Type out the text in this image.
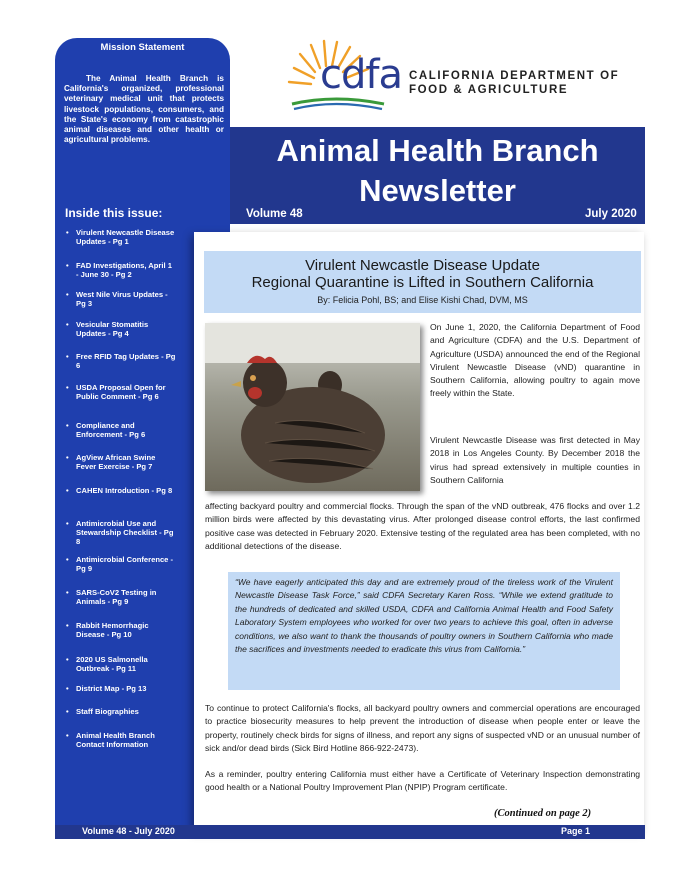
Mission Statement
The Animal Health Branch is California's organized, professional veterinary medical unit that protects livestock populations, consumers, and the State's economy from catastrophic animal diseases and other health or agricultural problems.
Inside this issue:
• Virulent Newcastle Disease Updates - Pg 1
• FAD Investigations, April 1 - June 30 - Pg 2
• West Nile Virus Updates - Pg 3
• Vesicular Stomatitis Updates - Pg 4
• Free RFID Tag Updates - Pg 6
• USDA Proposal Open for Public Comment - Pg 6
• Compliance and Enforcement - Pg 6
• AgView African Swine Fever Exercise - Pg 7
• CAHEN Introduction - Pg 8
• Antimicrobial Use and Stewardship Checklist - Pg 8
• Antimicrobial Conference - Pg 9
• SARS-CoV2 Testing in Animals - Pg 9
• Rabbit Hemorrhagic Disease - Pg 10
• 2020 US Salmonella Outbreak - Pg 11
• District Map - Pg 13
• Staff Biographies
• Animal Health Branch Contact Information
cdfa CALIFORNIA DEPARTMENT OF
FOOD & AGRICULTURE
Animal Health Branch
Newsletter
Volume 48	July 2020
Virulent Newcastle Disease Update
Regional Quarantine is Lifted in Southern California
By: Felicia Pohl, BS; and Elise Kishi Chad, DVM, MS
On June 1, 2020, the California Department of Food and Agriculture (CDFA) and the U.S. Department of Agriculture (USDA) announced the end of the Regional Virulent Newcastle Disease (vND) quarantine in Southern California, allowing poultry to again move freely within the State.
Virulent Newcastle Disease was first detected in May 2018 in Los Angeles County. By December 2018 the virus had spread extensively in multiple counties in Southern California
affecting backyard poultry and commercial flocks. Through the span of the vND outbreak, 476 flocks and over 1.2 million birds were affected by this devastating virus. After prolonged disease control efforts, the last confirmed positive case was detected in February 2020. Extensive testing of the regulated area has been completed, with no additional detections of the disease.
“We have eagerly anticipated this day and are extremely proud of the tireless work of the Virulent Newcastle Disease Task Force,” said CDFA Secretary Karen Ross. “While we extend gratitude to the hundreds of dedicated and skilled USDA, CDFA and California Animal Health and Food Safety Laboratory System employees who worked for over two years to achieve this goal, often in adverse conditions, we also want to thank the thousands of poultry owners in Southern California who made the sacrifices and investments needed to eradicate this virus from California.”
To continue to protect California's flocks, all backyard poultry owners and commercial operations are encouraged to practice biosecurity measures to help prevent the introduction of disease when people enter or leave the property, routinely check birds for signs of illness, and report any signs of suspected vND or an unusual number of sick and/or dead birds (Sick Bird Hotline 866-922-2473).
As a reminder, poultry entering California must either have a Certificate of Veterinary Inspection demonstrating good health or a National Poultry Improvement Plan (NPIP) Program certificate.
(Continued on page 2)
Volume 48 - July 2020	Page 1
